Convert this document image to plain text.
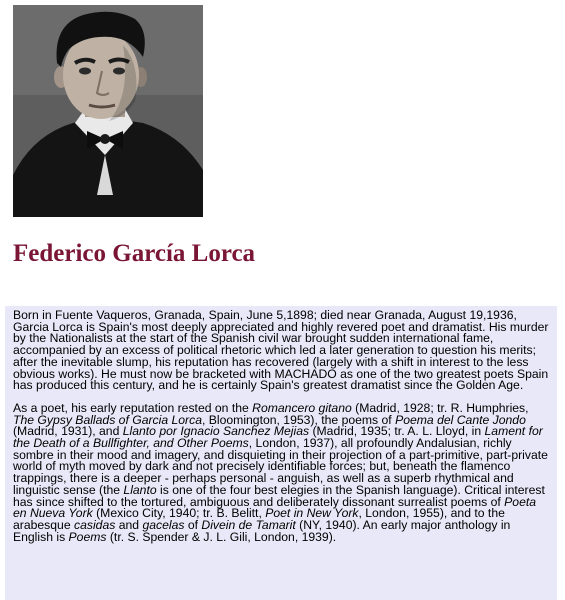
Federico García Lorca

Born in Fuente Vaqueros, Granada, Spain, June 5,1898; died near Granada, August 19,1936, Garcia Lorca is Spain's most deeply appreciated and highly revered poet and dramatist. His murder by the Nationalists at the start of the Spanish civil war brought sudden international fame, accompanied by an excess of political rhetoric which led a later generation to question his merits; after the inevitable slump, his reputation has recovered (largely with a shift in interest to the less obvious works). He must now be bracketed with MACHADO as one of the two greatest poets Spain has produced this century, and he is certainly Spain's greatest dramatist since the Golden Age.

As a poet, his early reputation rested on the Romancero gitano (Madrid, 1928; tr. R. Humphries, The Gypsy Ballads of Garcia Lorca, Bloomington, 1953), the poems of Poema del Cante Jondo (Madrid, 1931), and Llanto por Ignacio Sanchez Mejias (Madrid, 1935; tr. A. L. Lloyd, in Lament for the Death of a Bullfighter, and Other Poems, London, 1937), all profoundly Andalusian, richly sombre in their mood and imagery, and disquieting in their projection of a part-primitive, part-private world of myth moved by dark and not precisely identifiable forces; but, beneath the flamenco trappings, there is a deeper - perhaps personal - anguish, as well as a superb rhythmical and linguistic sense (the Llanto is one of the four best elegies in the Spanish language). Critical interest has since shifted to the tortured, ambiguous and deliberately dissonant surrealist poems of Poeta en Nueva York (Mexico City, 1940; tr. B. Belitt, Poet in New York, London, 1955), and to the arabesque casidas and gacelas of Divein de Tamarit (NY, 1940). An early major anthology in English is Poems (tr. S. Spender & J. L. Gili, London, 1939).
